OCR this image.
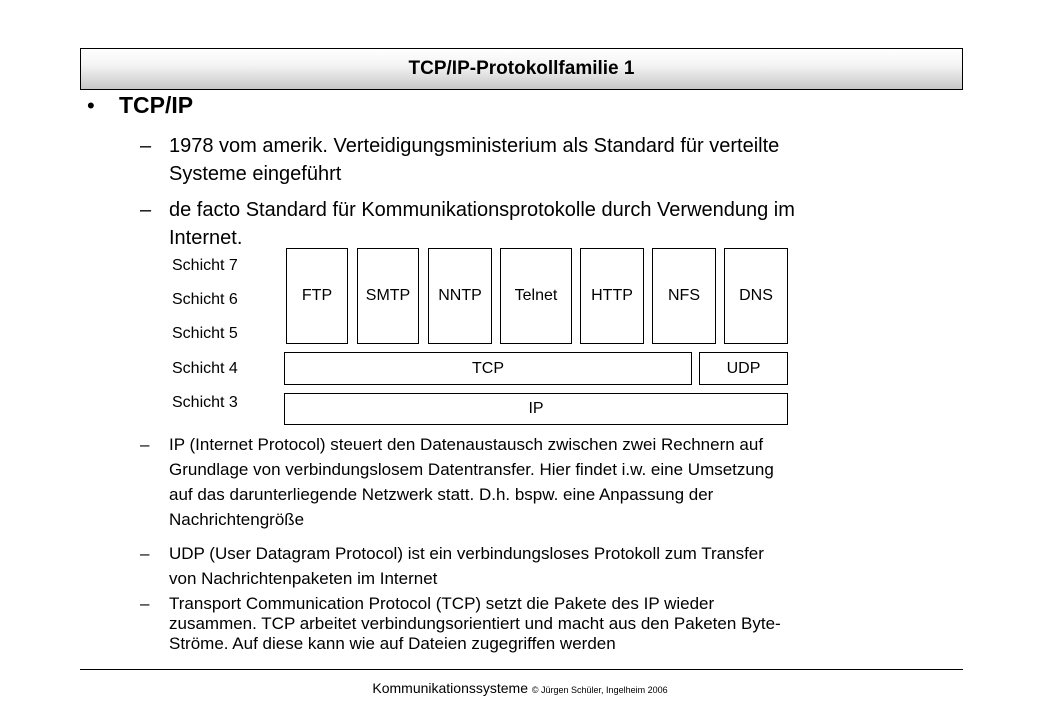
TCP/IP-Protokollfamilie 1
•	TCP/IP
– 1978 vom amerik. Verteidigungsministerium als Standard für verteilte
Systeme eingeführt
– de facto Standard für Kommunikationsprotokolle durch Verwendung im
Internet.
Schicht 7
Schicht 6
Schicht 5
Schicht 4
Schicht 3
FTP	SMTP	NNTP	Telnet	HTTP	NFS	DNS
TCP	UDP
IP
– IP (Internet Protocol) steuert den Datenaustausch zwischen zwei Rechnern auf
Grundlage von verbindungslosem Datentransfer. Hier findet i.w. eine Umsetzung
auf das darunterliegende Netzwerk statt. D.h. bspw. eine Anpassung der
Nachrichtengröße
– UDP (User Datagram Protocol) ist ein verbindungsloses Protokoll zum Transfer
von Nachrichtenpaketen im Internet
– Transport Communication Protocol (TCP) setzt die Pakete des IP wieder
zusammen. TCP arbeitet verbindungsorientiert und macht aus den Paketen Byte-
Ströme. Auf diese kann wie auf Dateien zugegriffen werden
Kommunikationssysteme © Jürgen Schüler, Ingelheim 2006
